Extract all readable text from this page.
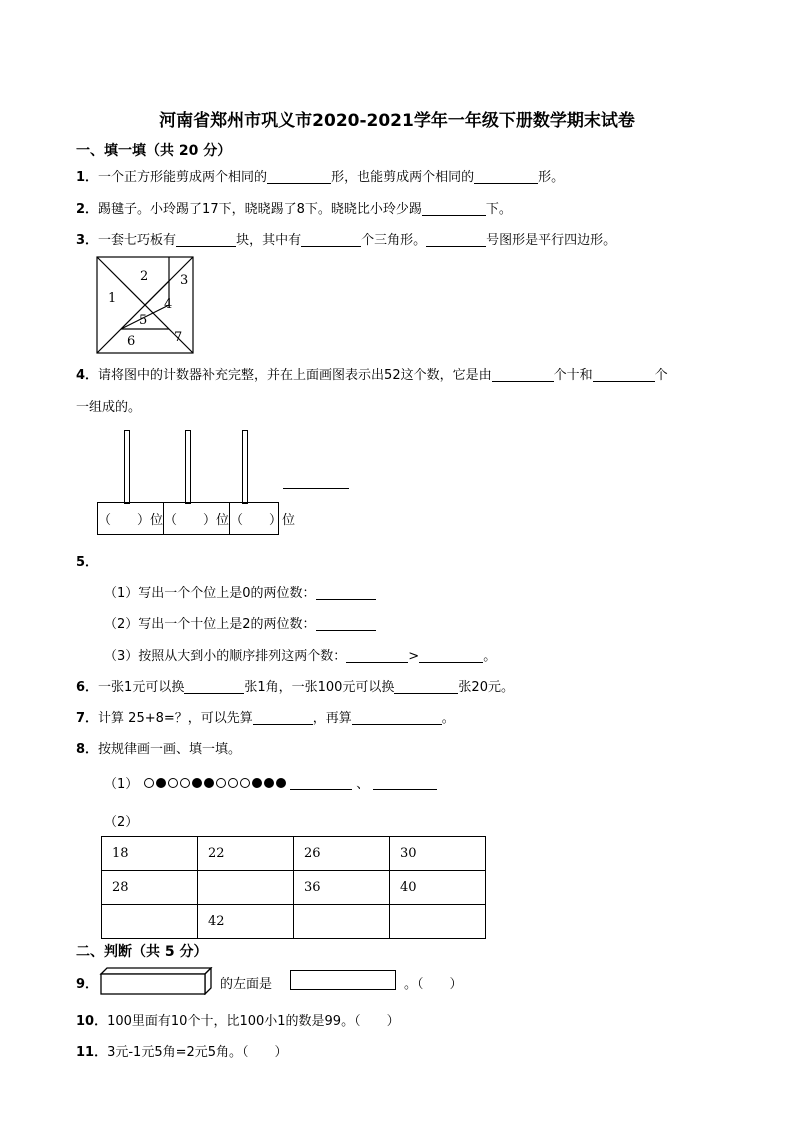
河南省郑州市巩义市2020-2021学年一年级下册数学期末试卷
一、填一填（共 20 分）
1．一个正方形能剪成两个相同的	形，也能剪成两个相同的	形。
2．踢毽子。小玲踢了17下，晓晓踢了8下。晓晓比小玲少踢	下。
3．一套七巧板有	块，其中有	个三角形。	号图形是平行四边形。
1
2 3
4
5
6	7
4．请将图中的计数器补充完整，并在上面画图表示出52这个数，它是由	个十和	个
一组成的。
（　　）位 （　　）位 （　　）位
5．
（1）写出一个个位上是0的两位数：
（2）写出一个十位上是2的两位数：
（3）按照从大到小的顺序排列这两个数：	>	。
6．一张1元可以换	张1角，一张100元可以换	张20元。
7．计算 25+8=？，可以先算	，再算	。
8．按规律画一画、填一填。
（1）	、
（2）
18	22	26	30
28		36	40
	42		
二、判断（共 5 分）
9．	的左面是	。（　　）
10．100里面有10个十，比100小1的数是99。（　　）
11．3元-1元5角=2元5角。（　　）
